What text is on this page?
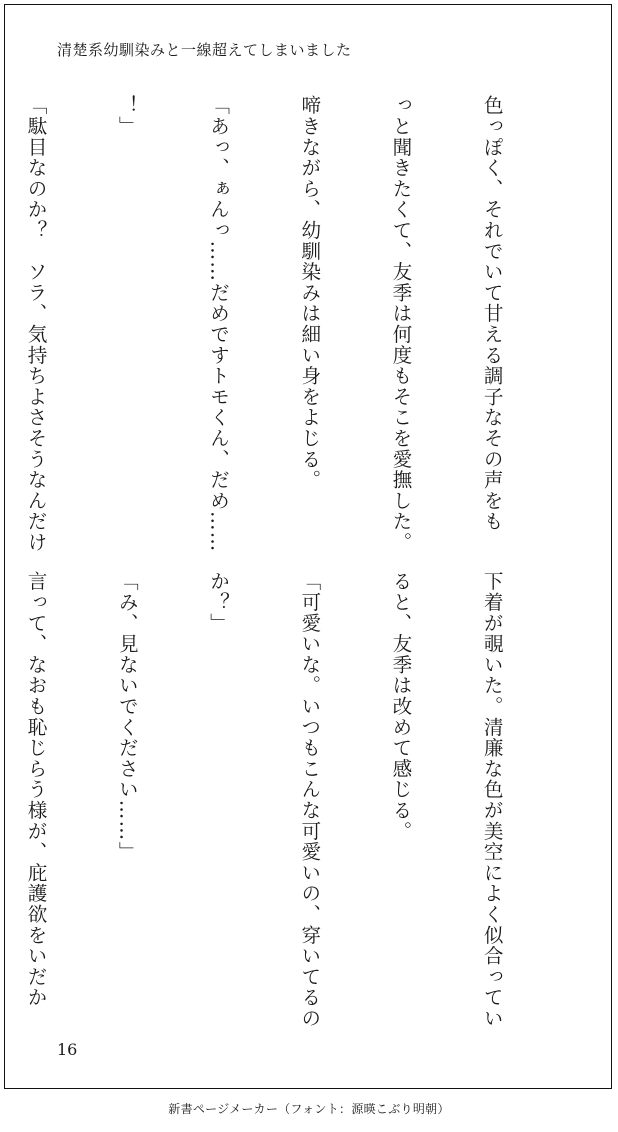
清楚系幼馴染みと一線超えてしまいました

色っぽく、それでいて甘える調子なその声をも

っと聞きたくて、友季は何度もそこを愛撫した。

啼きながら、幼馴染みは細い身をよじる。

「あっ、ぁんっ……だめですトモくん、だめ……

！」

「駄目なのか？　ソラ、気持ちよさそうなんだけ

下着が覗いた。清廉な色が美空によく似合ってい

ると、友季は改めて感じる。

「可愛いな。いつもこんな可愛いの、穿いてるの

か？」

「み、見ないでください……」

言って、なおも恥じらう様が、庇護欲をいだか

16
新書ページメーカー（フォント：源暎こぶり明朝）
